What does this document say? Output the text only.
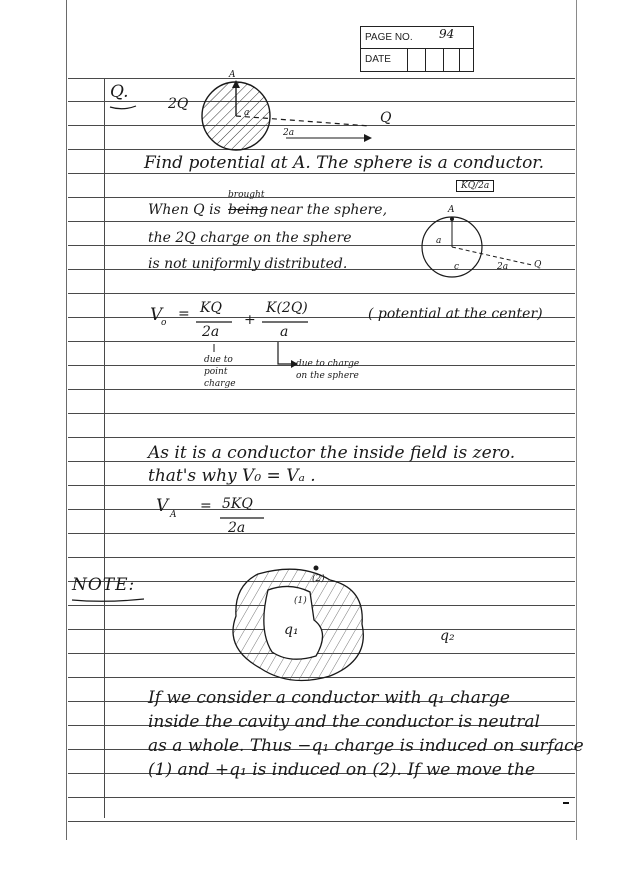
PAGE NO. 94
DATE
Q.
2Q
A
a
2a
Q
Find potential at A. The sphere is a conductor.
KQ/2a
When Q is
brought
being near the sphere,
the 2Q charge on the sphere
is not uniformly distributed.
A
a
c	2a	Q
V
o
= KQ
2a
+
K(2Q)
a
( potential at the center)
due to point charge
due to charge on the sphere
As it is a conductor the inside field is zero.
that's why V₀ = Vₐ .
V A
= 5KQ
2a
NOTE:	(2)
(1)
q₁	q₂
If we consider a conductor with q₁ charge
inside the cavity and the conductor is neutral
as a whole. Thus −q₁ charge is induced on surface
(1) and +q₁ is induced on (2). If we move the
